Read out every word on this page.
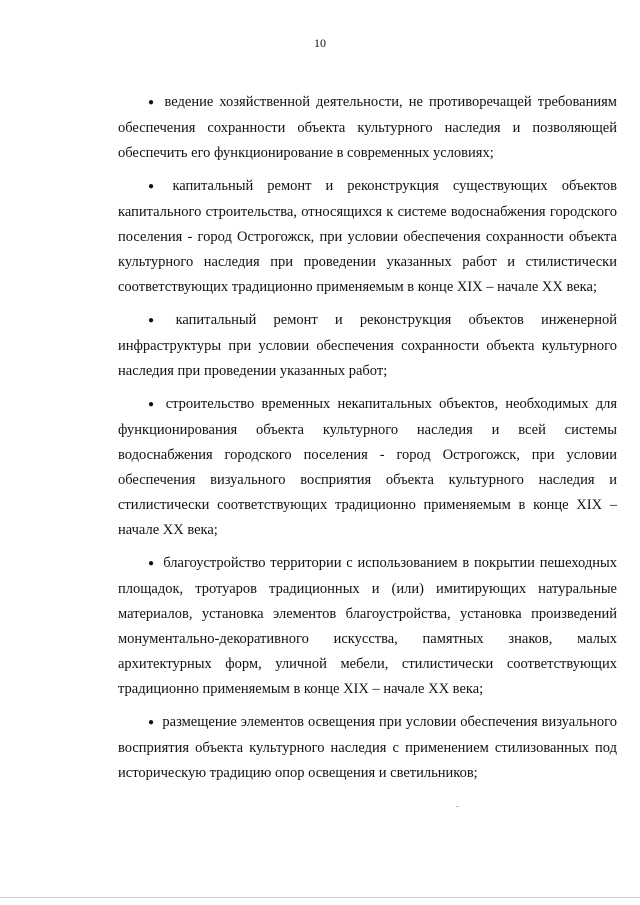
10

● ведение хозяйственной деятельности, не противоречащей требованиям обеспечения сохранности объекта культурного наследия и позволяющей обеспечить его функционирование в современных условиях;

● капитальный ремонт и реконструкция существующих объектов капитального строительства, относящихся к системе водоснабжения городского поселения - город Острогожск, при условии обеспечения сохранности объекта культурного наследия при проведении указанных работ и стилистически соответствующих традиционно применяемым в конце XIX – начале XX века;

● капитальный ремонт и реконструкция объектов инженерной инфраструктуры при условии обеспечения сохранности объекта культурного наследия при проведении указанных работ;

● строительство временных некапитальных объектов, необходимых для функционирования объекта культурного наследия и всей системы водоснабжения городского поселения - город Острогожск, при условии обеспечения визуального восприятия объекта культурного наследия и стилистически соответствующих традиционно применяемым в конце XIX – начале XX века;

● благоустройство территории с использованием в покрытии пешеходных площадок, тротуаров традиционных и (или) имитирующих натуральные материалов, установка элементов благоустройства, установка произведений монументально-декоративного искусства, памятных знаков, малых архитектурных форм, уличной мебели, стилистически соответствующих традиционно применяемым в конце XIX – начале XX века;

● размещение элементов освещения при условии обеспечения визуального восприятия объекта культурного наследия с применением стилизованных под историческую традицию опор освещения и светильников;
